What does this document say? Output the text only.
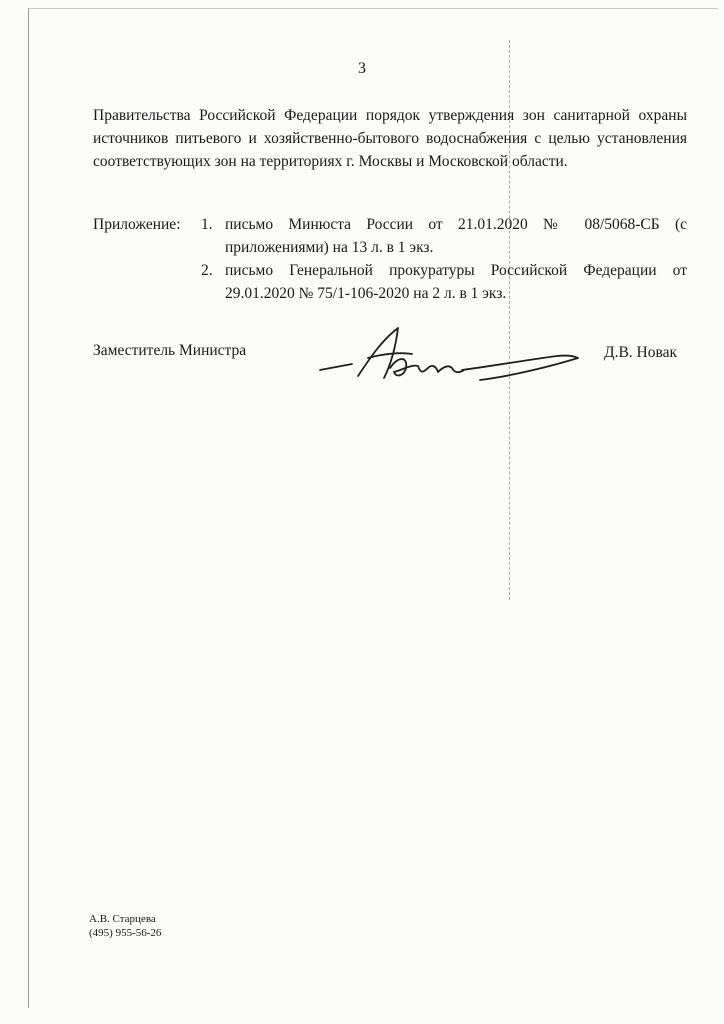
3
Правительства Российской Федерации порядок утверждения зон санитарной охраны источников питьевого и хозяйственно-бытового водоснабжения с целью установления соответствующих зон на территориях г. Москвы и Московской области.
Приложение: 1. письмо Минюста России от 21.01.2020 № 08/5068-СБ (с приложениями) на 13 л. в 1 экз.
2. письмо Генеральной прокуратуры Российской Федерации от 29.01.2020 № 75/1-106-2020 на 2 л. в 1 экз.
Заместитель Министра	Д.В. Новак
А.В. Старцева
(495) 955-56-26
